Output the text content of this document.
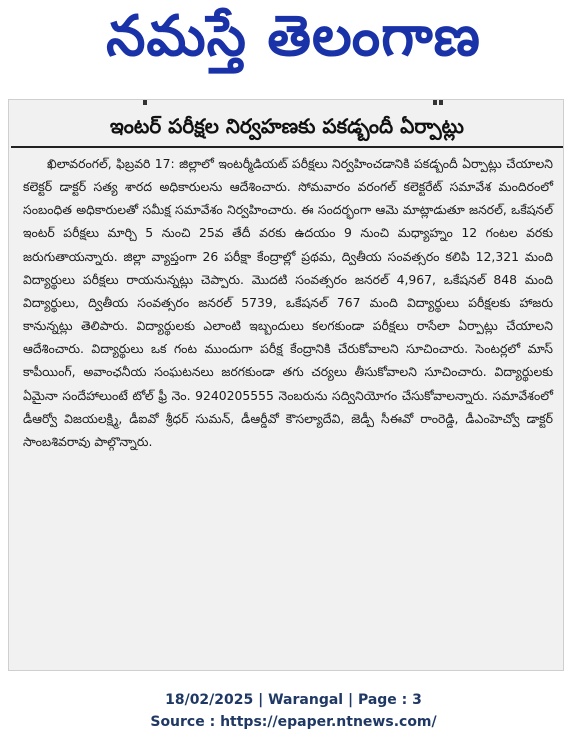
నమస్తే తెలంగాణ
ఇంటర్ పరీక్షల నిర్వహణకు పకడ్బందీ ఏర్పాట్లు

ఖిలావరంగల్, ఫిబ్రవరి 17: జిల్లాలో ఇంటర్మీడియట్ పరీక్షలు నిర్వహించడానికి పకడ్బందీ ఏర్పాట్లు చేయాలని కలెక్టర్ డాక్టర్ సత్య శారద అధికారులను ఆదేశించారు. సోమవారం వరంగల్ కలెక్టరేట్ సమావేశ మందిరంలో సంబంధిత అధికారులతో సమీక్ష సమావేశం నిర్వహించారు. ఈ సందర్భంగా ఆమె మాట్లాడుతూ జనరల్, ఒకేషనల్ ఇంటర్ పరీక్షలు మార్చి 5 నుంచి 25వ తేదీ వరకు ఉదయం 9 నుంచి మధ్యాహ్నం 12 గంటల వరకు జరుగుతాయన్నారు. జిల్లా వ్యాప్తంగా 26 పరీక్షా కేంద్రాల్లో ప్రథమ, ద్వితీయ సంవత్సరం కలిపి 12,321 మంది విద్యార్థులు పరీక్షలు రాయనున్నట్లు చెప్పారు. మొదటి సంవత్సరం జనరల్ 4,967, ఒకేషనల్ 848 మంది విద్యార్థులు, ద్వితీయ సంవత్సరం జనరల్ 5739, ఒకేషనల్ 767 మంది విద్యార్థులు పరీక్షలకు హాజరు కానున్నట్లు తెలిపారు. విద్యార్థులకు ఎలాంటి ఇబ్బందులు కలగకుండా పరీక్షలు రాసేలా ఏర్పాట్లు చేయాలని ఆదేశించారు. విద్యార్థులు ఒక గంట ముందుగా పరీక్ష కేంద్రానికి చేరుకోవాలని సూచించారు. సెంటర్లలో మాస్ కాపీయింగ్, అవాంఛనీయ సంఘటనలు జరగకుండా తగు చర్యలు తీసుకోవాలని సూచించారు. విద్యార్థులకు ఏమైనా సందేహాలుంటే టోల్ ఫ్రీ నెం. 9240205555 నెంబరును సద్వినియోగం చేసుకోవాలన్నారు. సమావేశంలో డీఆర్వో విజయలక్ష్మి, డీఐవో శ్రీధర్ సుమన్, డీఆర్డీవో కౌసల్యాదేవి, జెడ్పీ సీఈవో రాంరెడ్డి, డీఎంహెచ్వో డాక్టర్ సాంబశివరావు పాల్గొన్నారు.

18/02/2025 | Warangal | Page : 3
Source : https://epaper.ntnews.com/
